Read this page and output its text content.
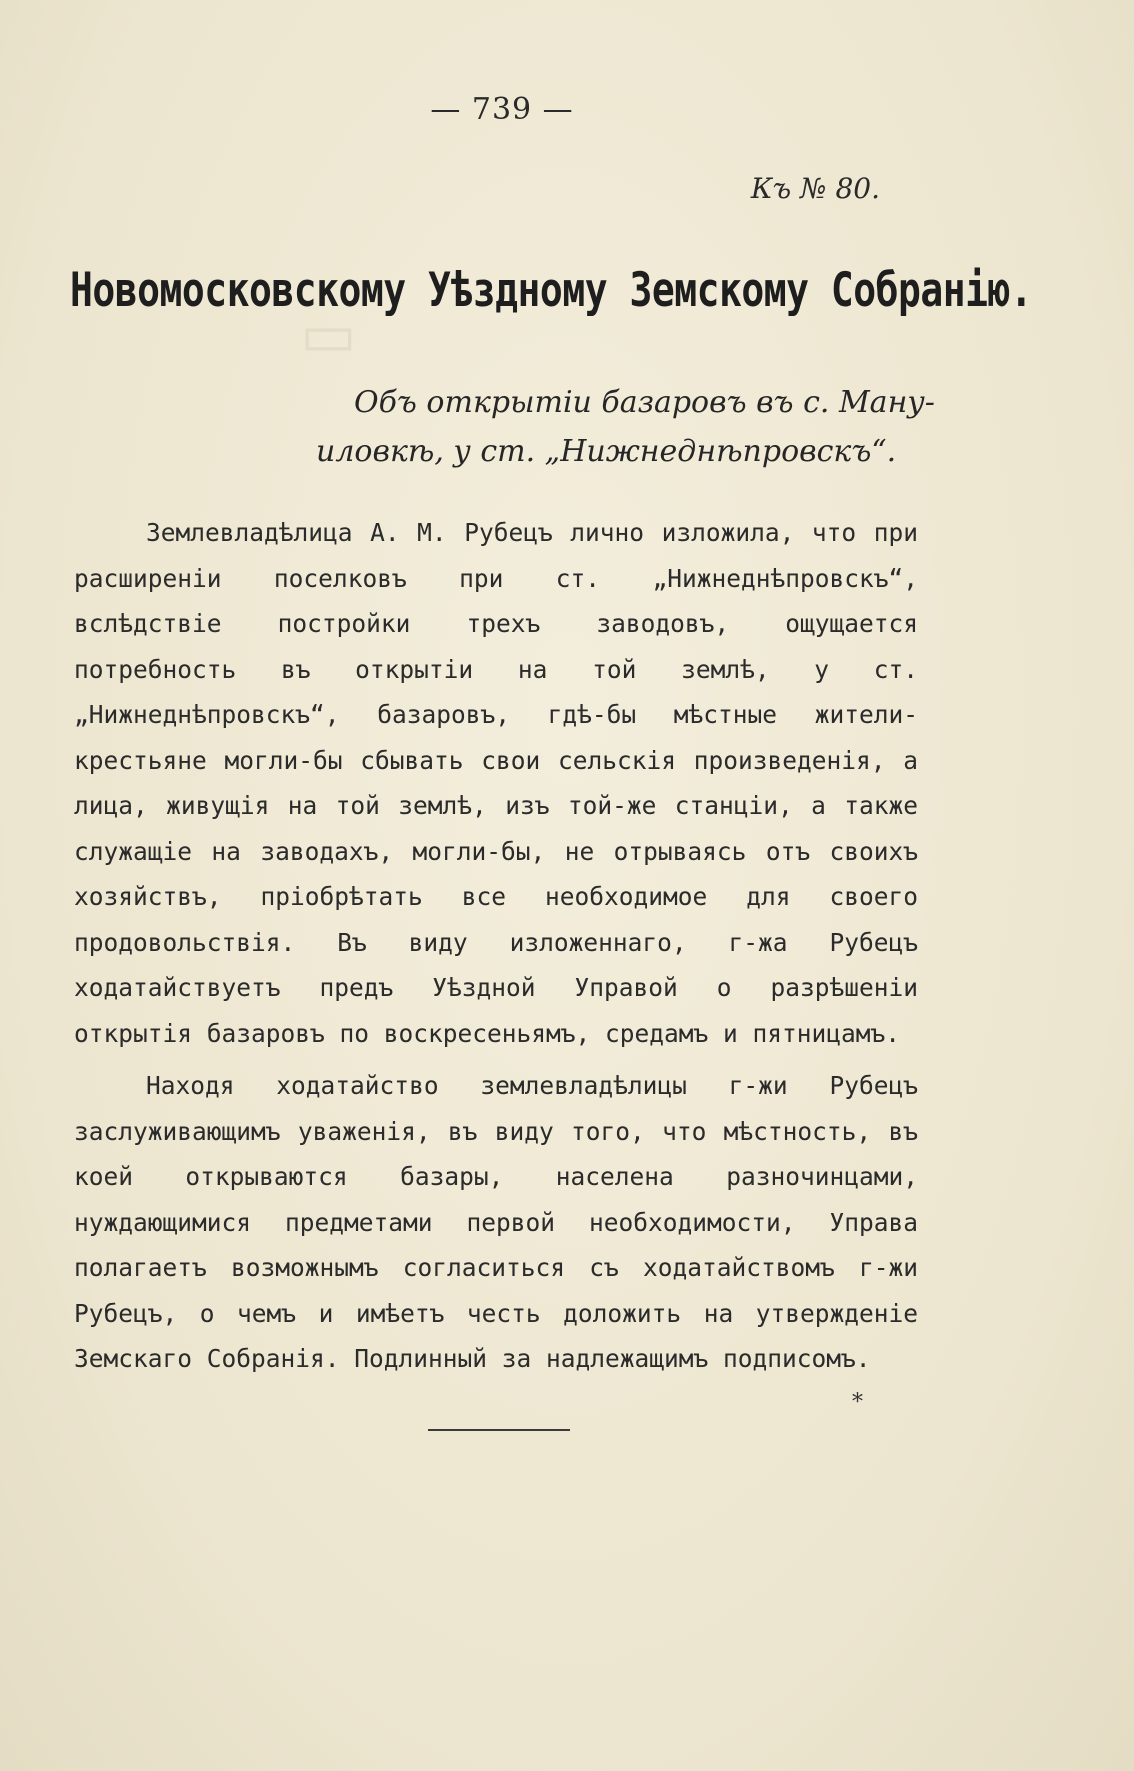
▭
— 739 —
Къ № 80.
Новомосковскому Уѣздному Земскому Собранію.
Объ открытіи базаровъ въ с. Ману-
иловкѣ, у ст. „Нижнеднѣпровскъ“.

Землевладѣлица А. М. Рубецъ лично изложила, что при расширеніи поселковъ при ст. „Нижнеднѣпровскъ“, вслѣдствіе постройки трехъ заводовъ, ощущается потребность въ открытіи на той землѣ, у ст. „Нижнеднѣпровскъ“, базаровъ, гдѣ-бы мѣстные жители-крестьяне могли-бы сбывать свои сельскія произведенія, а лица, живущія на той землѣ, изъ той-же станціи, а также служащіе на заводахъ, могли-бы, не отрываясь отъ своихъ хозяйствъ, пріобрѣтать все необходимое для своего продовольствія. Въ виду изложеннаго, г-жа Рубецъ ходатайствуетъ предъ Уѣздной Управой о разрѣшеніи открытія базаровъ по воскресеньямъ, средамъ и пятницамъ.

Находя ходатайство землевладѣлицы г-жи Рубецъ заслуживающимъ уваженія, въ виду того, что мѣстность, въ коей открываются базары, населена разночинцами, нуждающимися предметами первой необходимости, Управа полагаетъ возможнымъ согласиться съ ходатайствомъ г-жи Рубецъ, о чемъ и имѣетъ честь доложить на утвержденіе Земскаго Собранія. Подлинный за надлежащимъ подписомъ.

*
